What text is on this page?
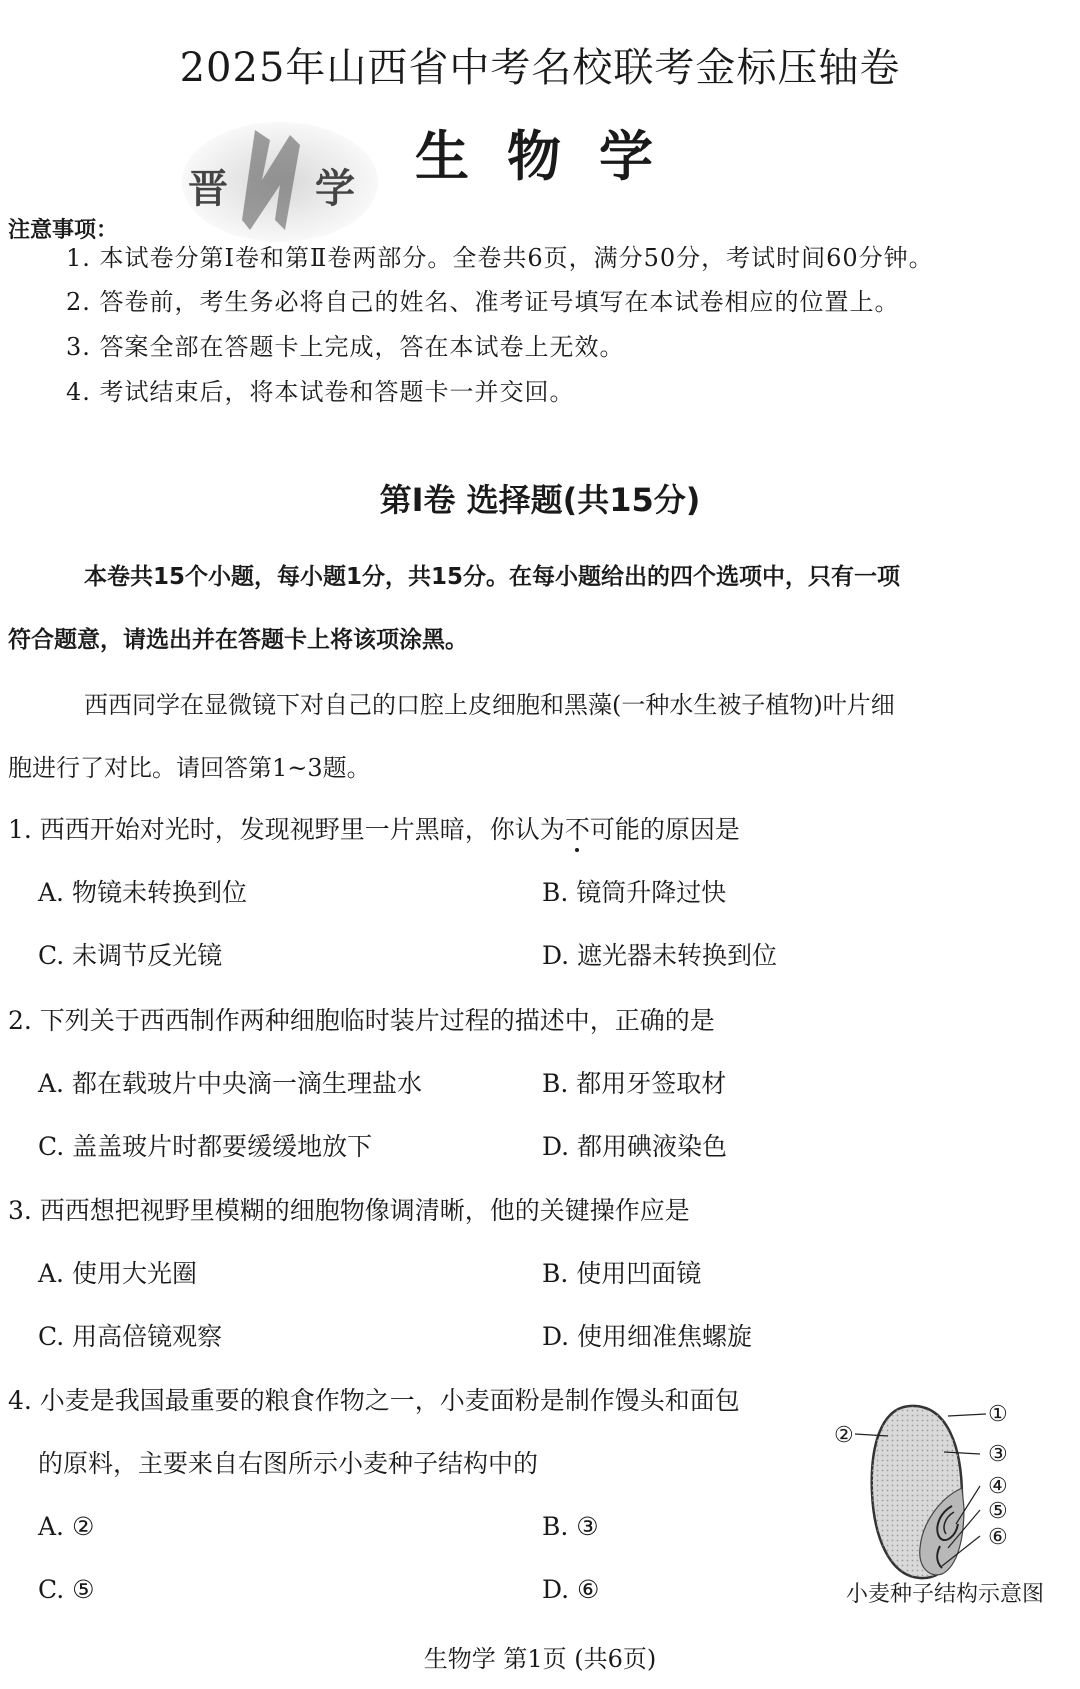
2025年山西省中考名校联考金标压轴卷
晋 学
生物学
注意事项：
1. 本试卷分第Ⅰ卷和第Ⅱ卷两部分。全卷共6页，满分50分，考试时间60分钟。
2. 答卷前，考生务必将自己的姓名、准考证号填写在本试卷相应的位置上。
3. 答案全部在答题卡上完成，答在本试卷上无效。
4. 考试结束后，将本试卷和答题卡一并交回。
第Ⅰ卷 选择题(共15分)
本卷共15个小题，每小题1分，共15分。在每小题给出的四个选项中，只有一项
符合题意，请选出并在答题卡上将该项涂黑。
西西同学在显微镜下对自己的口腔上皮细胞和黑藻(一种水生被子植物)叶片细
胞进行了对比。请回答第1~3题。
1. 西西开始对光时，发现视野里一片黑暗，你认为不可能的原因是
A. 物镜未转换到位	B. 镜筒升降过快
C. 未调节反光镜	D. 遮光器未转换到位
2. 下列关于西西制作两种细胞临时装片过程的描述中，正确的是
A. 都在载玻片中央滴一滴生理盐水	B. 都用牙签取材
C. 盖盖玻片时都要缓缓地放下	D. 都用碘液染色
3. 西西想把视野里模糊的细胞物像调清晰，他的关键操作应是
A. 使用大光圈	B. 使用凹面镜
C. 用高倍镜观察	D. 使用细准焦螺旋
4. 小麦是我国最重要的粮食作物之一，小麦面粉是制作馒头和面包
的原料，主要来自右图所示小麦种子结构中的
A. ②	B. ③
C. ⑤	D. ⑥
①
②
③
④
⑤
⑥
小麦种子结构示意图
生物学 第1页 (共6页)
